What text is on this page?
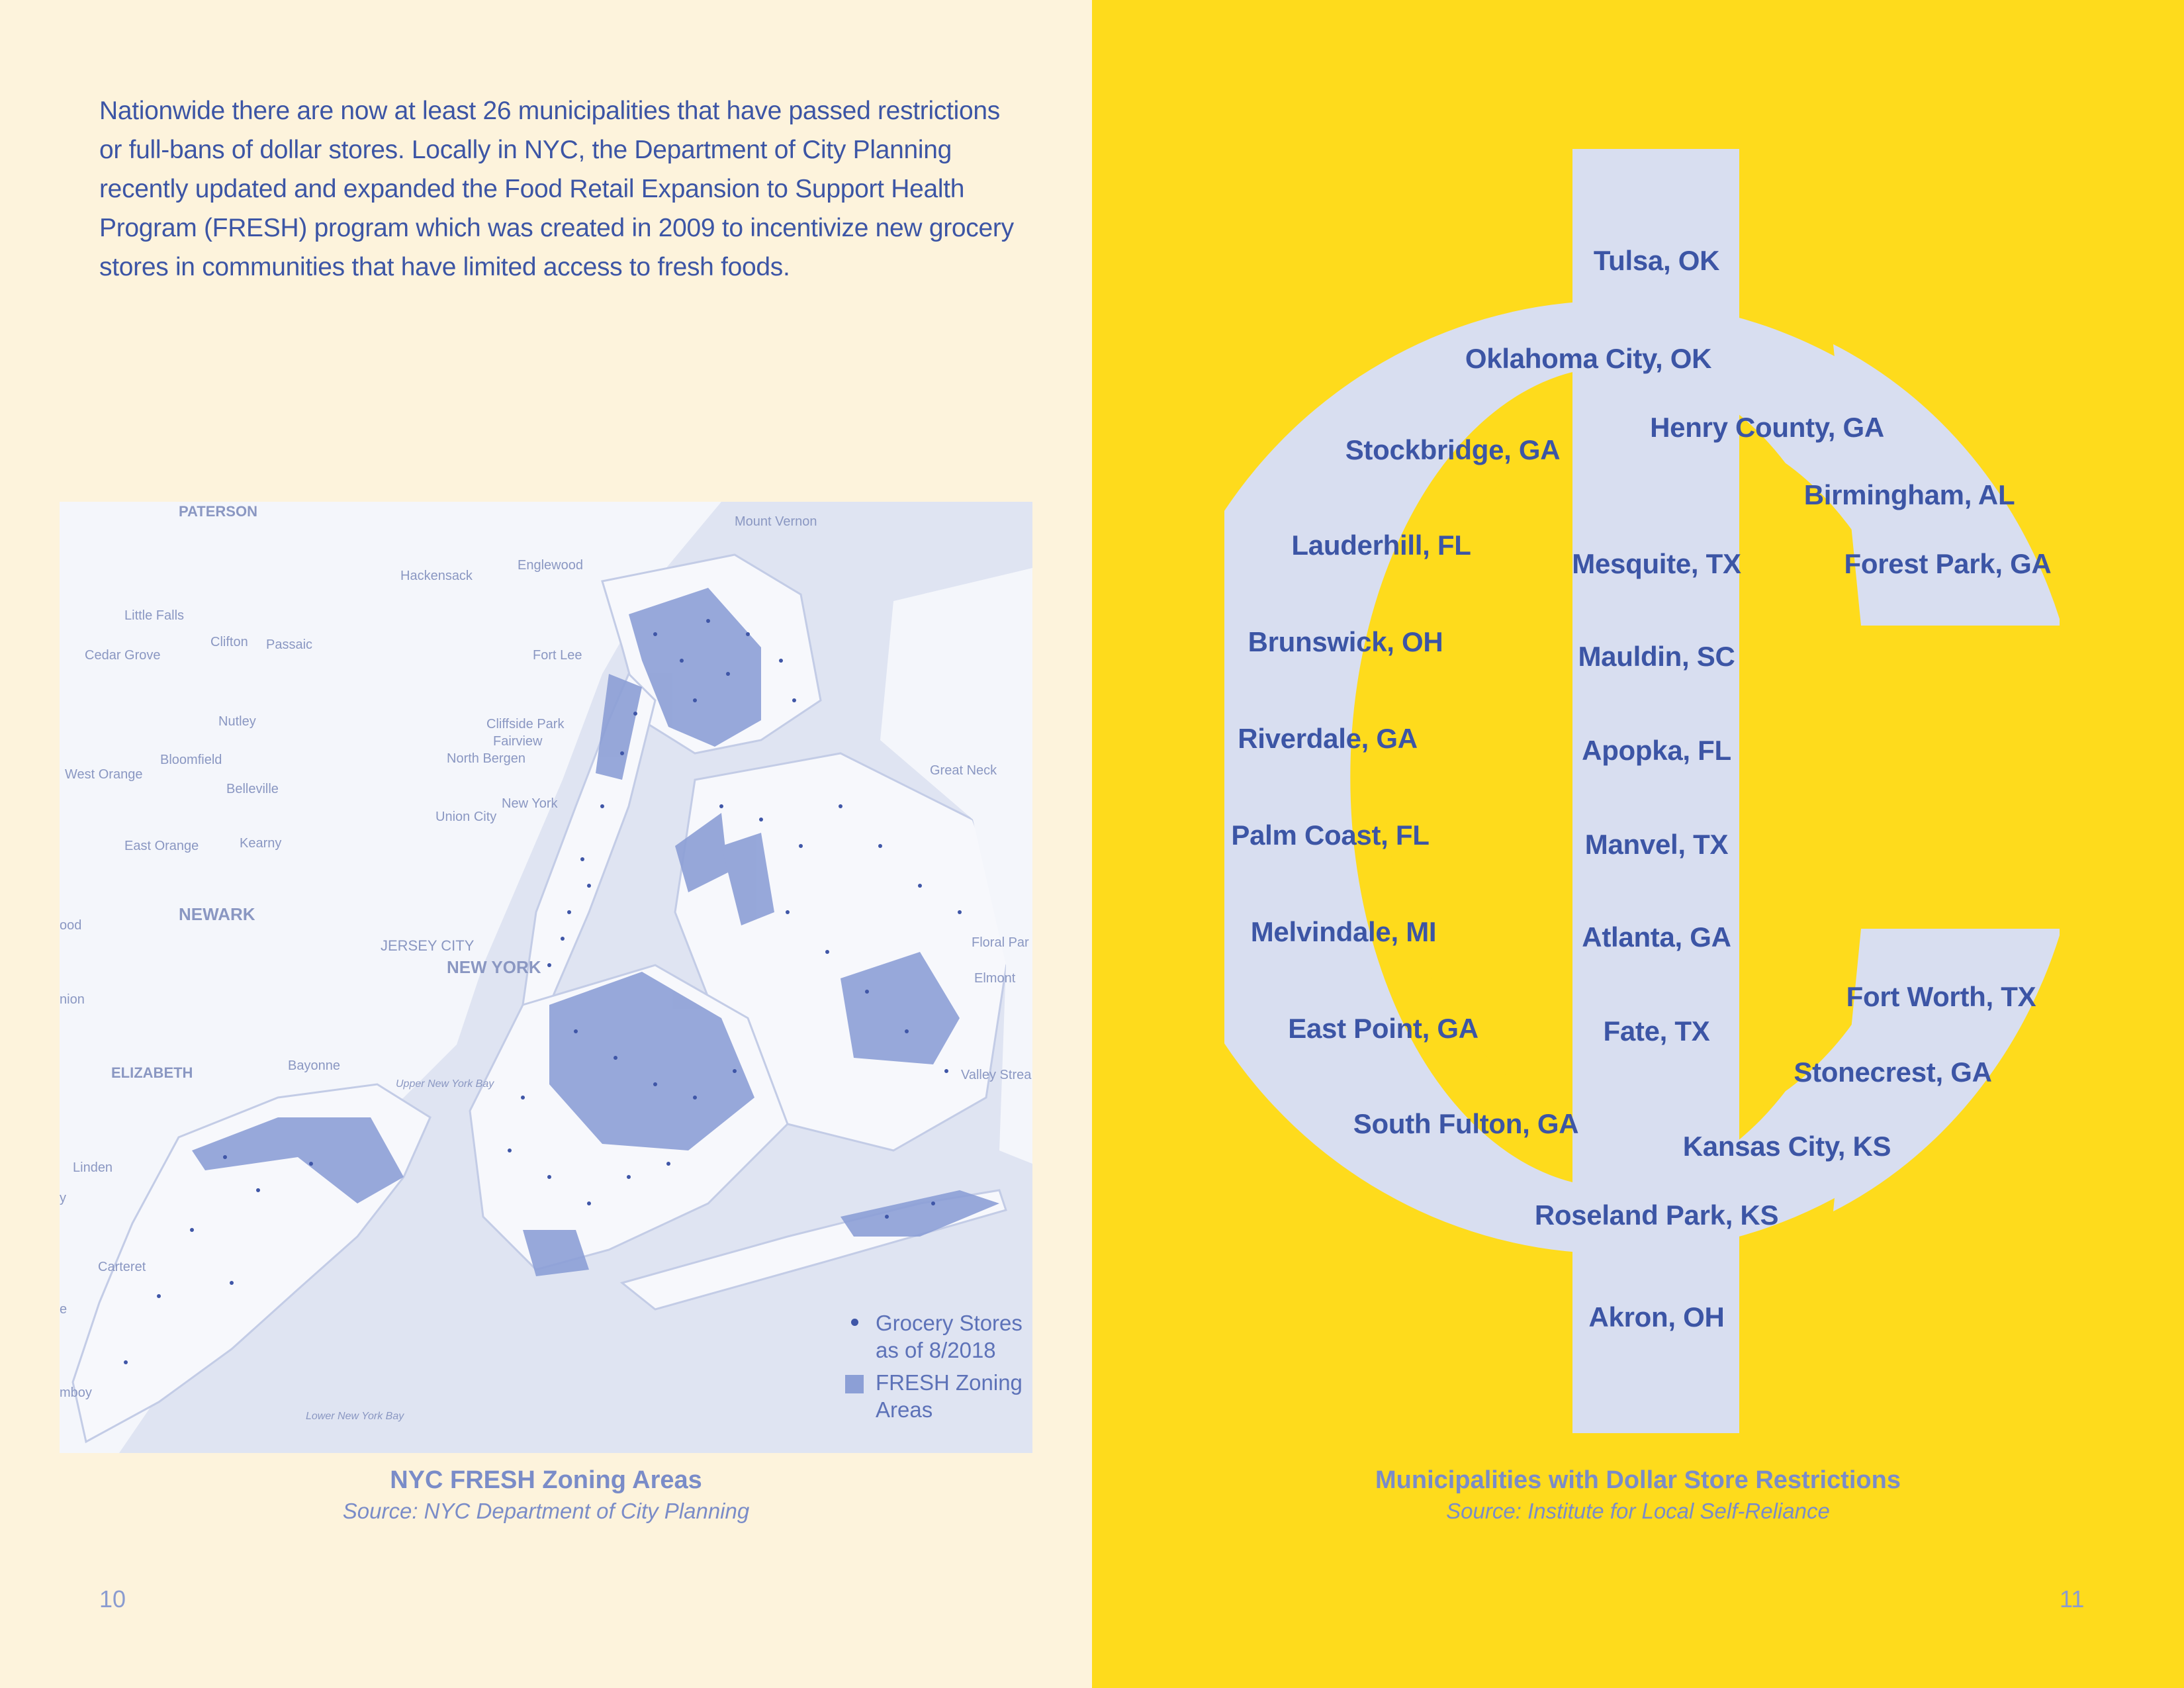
Nationwide there are now at least 26 municipalities that have passed restrictions or full-bans of dollar stores. Locally in NYC, the Department of City Planning recently updated and expanded the Food Retail Expansion to Support Health Program (FRESH) program which was created in 2009 to incentivize new grocery stores in communities that have limited access to fresh foods.

PATERSON
Mount Vernon
Hackensack
Englewood
Little Falls
Cedar Grove
Clifton Passaic
Fort Lee
Nutley	Cliffside Park
Fairview
North Bergen
Bloomfield
West Orange
Belleville
Great Neck
New York
Union City
East Orange	Kearny
NEWARK
ood
JERSEY CITY
NEW YORK
Floral Par
Elmont
nion
ELIZABETH	Bayonne
Upper New York Bay
Valley Strea
Linden
y
Carteret
e
mboy
Lower New York Bay
Grocery Stores as of 8/2018
FRESH Zoning Areas
NYC FRESH Zoning Areas
Source: NYC Department of City Planning
10
Tulsa, OK
Oklahoma City, OK
Henry County, GA
Stockbridge, GA
Birmingham, AL
Lauderhill, FL
Mesquite, TX	Forest Park, GA
Brunswick, OH	Mauldin, SC
Riverdale, GA	Apopka, FL
Palm Coast, FL	Manvel, TX
Melvindale, MI	Atlanta, GA
Fort Worth, TX
East Point, GA	Fate, TX
Stonecrest, GA
South Fulton, GA
Kansas City, KS
Roseland Park, KS
Akron, OH
Municipalities with Dollar Store Restrictions
Source: Institute for Local Self-Reliance
11
